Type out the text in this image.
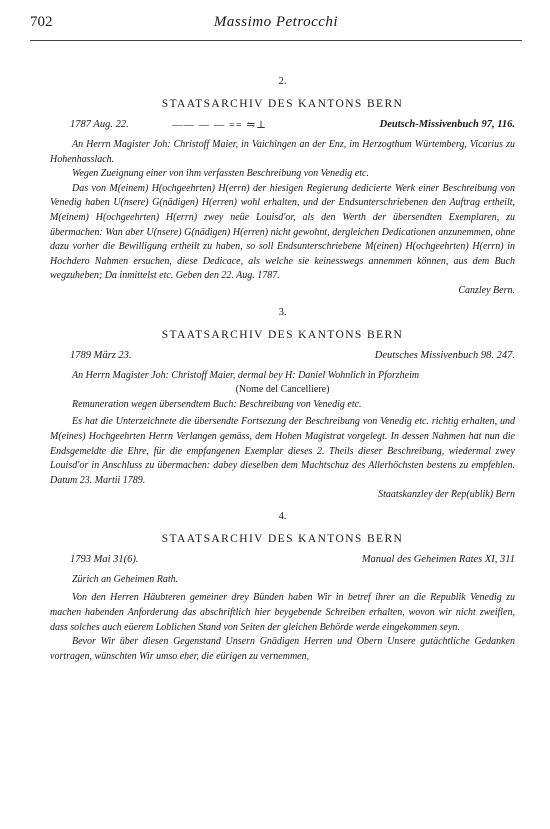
702	Massimo Petrocchi
2.
STAATSARCHIV DES KANTONS BERN
1787 Aug. 22.	—— — — == ⇋⊥	Deutsch-Missivenbuch 97, 116.

An Herrn Magister Joh: Christoff Maier, in Vaichingen an der Enz, im Herzogthum Würtemberg, Vicarius zu Hohenhasslach.

Wegen Zueignung einer von ihm verfassten Beschreibung von Venedig etc.

Das von M(einem) H(ochgeehrten) H(errn) der hiesigen Regierung dedicierte Werk einer Beschreibung von Venedig haben U(nsere) G(nädigen) H(erren) wohl erhalten, und der Endsunterschriebenen den Auftrag ertheilt, M(einem) H(ochgeehrten) H(errn) zwey neüe Louisd'or, als den Werth der übersendten Exemplaren, zu übermachen: Wan aber U(nsere) G(nädigen) H(erren) nicht gewohnt, dergleichen Dedicationen anzunemmen, ohne dazu vorher die Bewilligung ertheilt zu haben, so soll Endsunterschriebene M(einen) H(ochgeehrten) H(errn) in Hochdero Nahmen ersuchen, diese Dedicace, als welche sie keinesswegs annemmen können, aus dem Buch wegzuheben; Da inmittelst etc. Geben den 22. Aug. 1787.

Canzley Bern.

3.
STAATSARCHIV DES KANTONS BERN
1789 März 23.	Deutsches Missivenbuch 98. 247.

An Herrn Magister Joh: Christoff Maier, dermal bey H: Daniel Wohnlich in Pforzheim

(Nome del Cancelliere)

Remuneration wegen übersendtem Buch: Beschreibung von Venedig etc.

Es hat die Unterzeichnete die übersendte Fortsezung der Beschreibung von Venedig etc. richtig erhalten, und M(eines) Hochgeehrten Herrn Verlangen gemäss, dem Hohen Magistrat vorgelegt. In dessen Nahmen hat nun die Endsgemeldte die Ehre, für die empfangenen Exemplar dieses 2. Theils dieser Beschreibung, wiedermal zwey Louisd'or in Anschluss zu übermachen: dabey dieselben dem Machtschuz des Allerhöchsten bestens zu empfehlen. Datum 23. Martii 1789.

Staatskanzley der Rep(ublik) Bern

4.
STAATSARCHIV DES KANTONS BERN
1793 Mai 31(6).	Manual des Geheimen Rates XI, 311

Zürich an Geheimen Rath.

Von den Herren Häubteren gemeiner drey Bünden haben Wir in betref ihrer an die Republik Venedig zu machen habenden Anforderung das abschriftlich hier beygebende Schreiben erhalten, wovon wir nicht zweiflen, dass solches auch eüerem Loblichen Stand von Seiten der gleichen Behörde werde eingekommen seyn.

Bevor Wir über diesen Gegenstand Unsern Gnädigen Herren und Obern Unsere gutächtliche Gedanken vortragen, wünschten Wir umso eher, die eürigen zu vernemmen,
